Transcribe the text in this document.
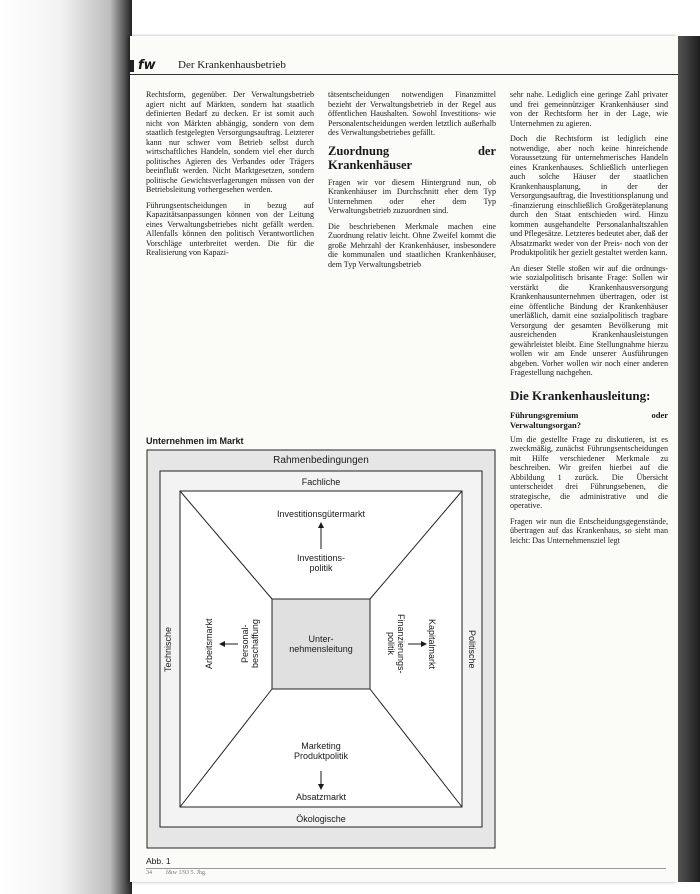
fw Der Krankenhausbetrieb

Rechtsform, gegenüber. Der Verwaltungsbetrieb agiert nicht auf Märkten, sondern hat staatlich definierten Bedarf zu decken. Er ist somit auch nicht von Märkten abhängig, sondern von dem staatlich festgelegten Versorgungsauftrag. Letzterer kann nur schwer vom Betrieb selbst durch wirtschaftliches Handeln, sondern viel eher durch politisches Agieren des Verbandes oder Trägers beeinflußt werden. Nicht Marktgesetzen, sondern politische Gewichtsverlagerungen müssen von der Betriebsleitung vorhergesehen werden.

Führungsentscheidungen in bezug auf Kapazitätsanpassungen können von der Leitung eines Verwaltungsbetriebes nicht gefällt werden. Allenfalls können den politisch Verantwortlichen Vorschläge unterbreitet werden. Die für die Realisierung von Kapazi-

tätsentscheidungen notwendigen Finanzmittel bezieht der Verwaltungsbetrieb in der Regel aus öffentlichen Haushalten. Sowohl Investitions- wie Personalentscheidungen werden letztlich außerhalb des Verwaltungsbetriebes gefällt.

Zuordnung der Krankenhäuser

Fragen wir vor diesem Hintergrund nun, ob Krankenhäuser im Durchschnitt eher dem Typ Unternehmen oder eher dem Typ Verwaltungsbetrieb zuzuordnen sind.

Die beschriebenen Merkmale machen eine Zuordnung relativ leicht. Ohne Zweifel kommt die große Mehrzahl der Krankenhäuser, insbesondere die kommunalen und staatlichen Krankenhäuser, dem Typ Verwaltungsbetrieb

sehr nahe. Lediglich eine geringe Zahl privater und frei gemeinnütziger Krankenhäuser sind von der Rechtsform her in der Lage, wie Unternehmen zu agieren.

Doch die Rechtsform ist lediglich eine notwendige, aber noch keine hinreichende Voraussetzung für unternehmerisches Handeln eines Krankenhauses. Schließlich unterliegen auch solche Häuser der staatlichen Krankenhausplanung, in der der Versorgungsauftrag, die Investitionsplanung und -finanzierung einschließlich Großgeräteplanung durch den Staat entschieden wird. Hinzu kommen ausgehandelte Personalanhaltszahlen und Pflegesätze. Letzteres bedeutet aber, daß der Absatzmarkt weder von der Preis- noch von der Produktpolitik her gezielt gestaltet werden kann.

An dieser Stelle stoßen wir auf die ordnungs- wie sozialpolitisch brisante Frage: Sollen wir verstärkt die Krankenhausversorgung Krankenhausunternehmen übertragen, oder ist eine öffentliche Bindung der Krankenhäuser unerläßlich, damit eine sozialpolitisch tragbare Versorgung der gesamten Bevölkerung mit ausreichenden Krankenhausleistungen gewährleistet bleibt. Eine Stellungnahme hierzu wollen wir am Ende unserer Ausführungen abgeben. Vorher wollen wir noch einer anderen Fragestellung nachgehen.

Die Krankenhausleitung:
Führungsgremium oder Verwaltungsorgan?

Um die gestellte Frage zu diskutieren, ist es zweckmäßig, zunächst Führungsentscheidungen mit Hilfe verschiedener Merkmale zu beschreiben. Wir greifen hierbei auf die Abbildung 1 zurück. Die Übersicht unterscheidet drei Führungsebenen, die strategische, die administrative und die operative.

Fragen wir nun die Entscheidungsgegenstände, übertragen auf das Krankenhaus, so sieht man leicht: Das Unternehmensziel legt

Unternehmen im Markt
Rahmenbedingungen
Fachliche
Ökologische
Technische	Politische
Investitionsgütermarkt
Investitions-
politik
Arbeitsmarkt	Personal-
beschaffung	Unter-
nehmensleitung	Kapitalmarkt
Finanzierungs-
politik
Marketing
Produktpolitik
Absatzmarkt
Abb. 1
34 f&w 1/93 5. Jhg.
